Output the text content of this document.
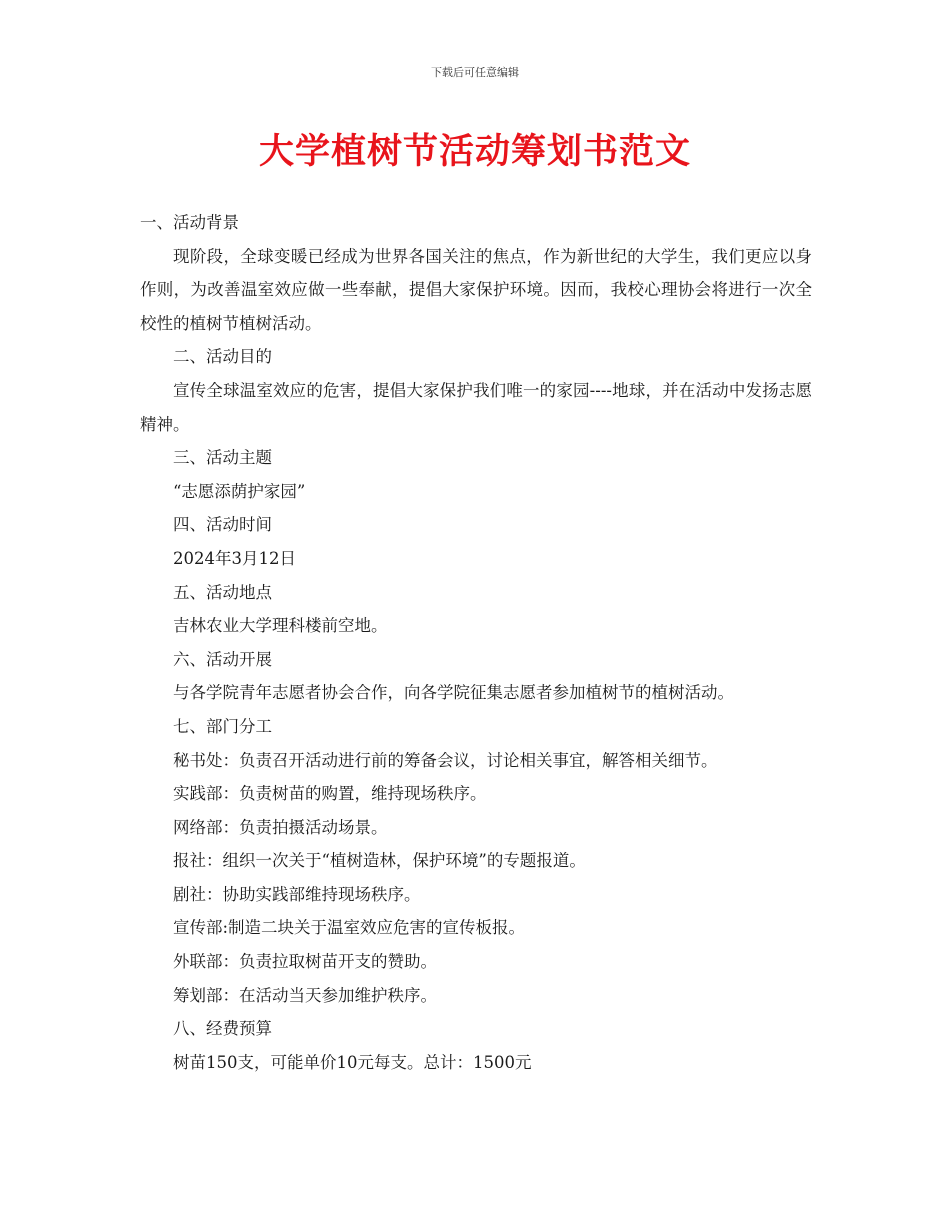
下载后可任意编辑
大学植树节活动筹划书范文

一、活动背景

现阶段，全球变暖已经成为世界各国关注的焦点，作为新世纪的大学生，我们更应以身作则，为改善温室效应做一些奉献，提倡大家保护环境。因而，我校心理协会将进行一次全校性的植树节植树活动。

二、活动目的

宣传全球温室效应的危害，提倡大家保护我们唯一的家园----地球，并在活动中发扬志愿精神。

三、活动主题

“志愿添荫护家园”

四、活动时间

2024年3月12日

五、活动地点

吉林农业大学理科楼前空地。

六、活动开展

与各学院青年志愿者协会合作，向各学院征集志愿者参加植树节的植树活动。

七、部门分工

秘书处：负责召开活动进行前的筹备会议，讨论相关事宜，解答相关细节。

实践部：负责树苗的购置，维持现场秩序。

网络部：负责拍摄活动场景。

报社：组织一次关于“植树造林，保护环境”的专题报道。

剧社：协助实践部维持现场秩序。

宣传部:制造二块关于温室效应危害的宣传板报。

外联部：负责拉取树苗开支的赞助。

筹划部：在活动当天参加维护秩序。

八、经费预算

树苗150支，可能单价10元每支。总计：1500元
